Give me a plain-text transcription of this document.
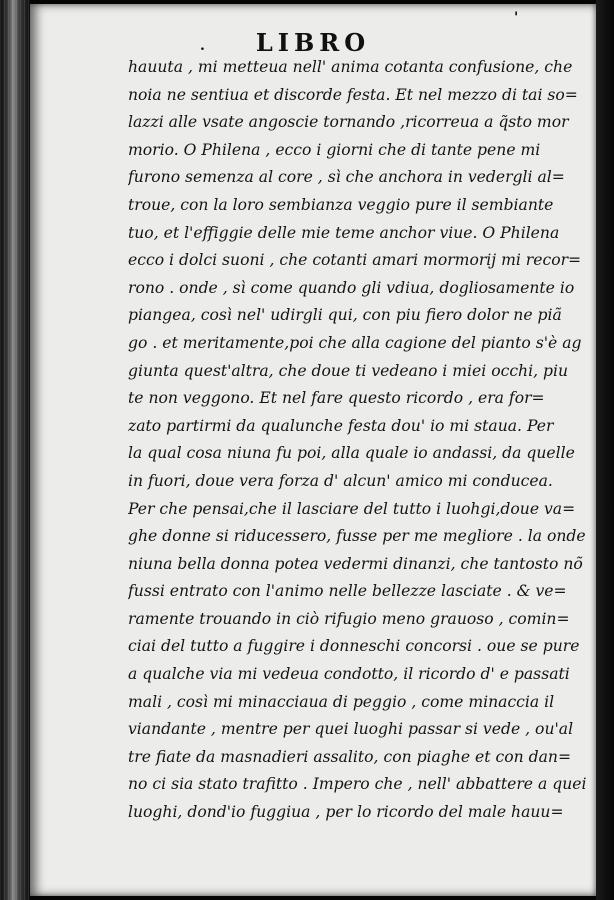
LIBRO
.
'
hauuta , mi metteua nell' anima cotanta confusione, che
noia ne sentiua et discorde festa. Et nel mezzo di tai so=
lazzi alle vsate angoscie tornando ,ricorreua a q̃sto mor
morio. O Philena , ecco i giorni che di tante pene mi
furono semenza al core , sì che anchora in vedergli al=
troue, con la loro sembianza veggio pure il sembiante
tuo, et l'effiggie delle mie teme anchor viue. O Philena
ecco i dolci suoni , che cotanti amari mormorij mi recor=
rono . onde , sì come quando gli vdiua, dogliosamente io
piangea, così nel' udirgli qui, con piu fiero dolor ne piã
go . et meritamente,poi che alla cagione del pianto s'è ag
giunta quest'altra, che doue ti vedeano i miei occhi, piu
te non veggono. Et nel fare questo ricordo , era for=
zato partirmi da qualunche festa dou' io mi staua. Per
la qual cosa niuna fu poi, alla quale io andassi, da quelle
in fuori, doue vera forza d' alcun' amico mi conducea.
Per che pensai,che il lasciare del tutto i luohgi,doue va=
ghe donne si riducessero, fusse per me megliore . la onde
niuna bella donna potea vedermi dinanzi, che tantosto nõ
fussi entrato con l'animo nelle bellezze lasciate . & ve=
ramente trouando in ciò rifugio meno grauoso , comin=
ciai del tutto a fuggire i donneschi concorsi . oue se pure
a qualche via mi vedeua condotto, il ricordo d' e passati
mali , così mi minacciaua di peggio , come minaccia il
viandante , mentre per quei luoghi passar si vede , ou'al
tre fiate da masnadieri assalito, con piaghe et con dan=
no ci sia stato trafitto . Impero che , nell' abbattere a quei
luoghi, dond'io fuggiua , per lo ricordo del male hauu=
